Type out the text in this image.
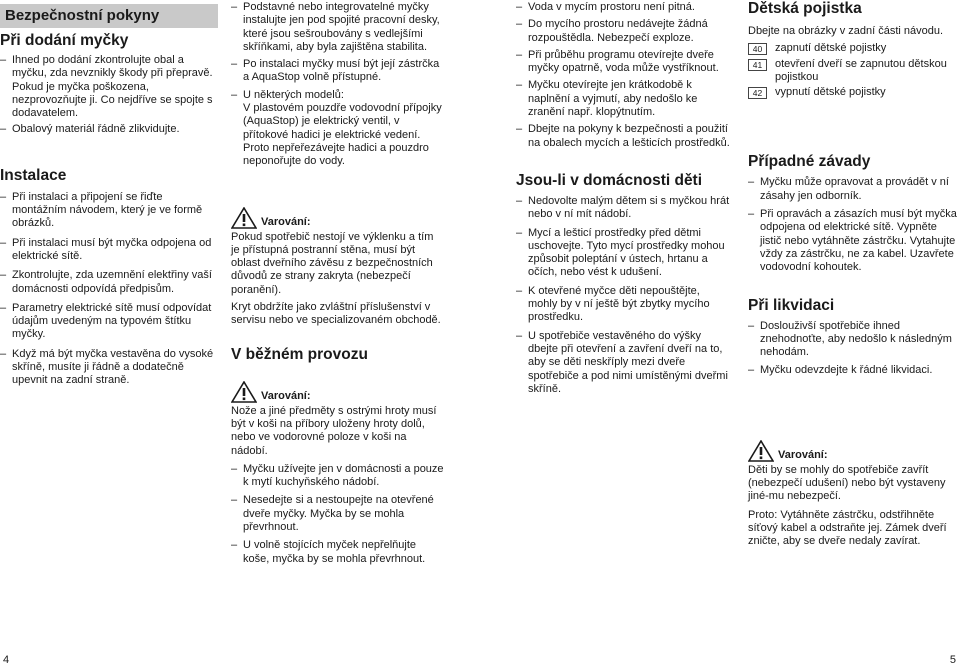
Bezpečnostní pokyny
Při dodání myčky
– Ihned po dodání zkontrolujte obal a myčku, zda nevznikly škody při přepravě. Pokud je myčka poškozena, nezprovozňujte ji. Co nejdříve se spojte s dodavatelem.
– Obalový materiál řádně zlikvidujte.
Instalace
– Při instalaci a připojení se řiďte montážním návodem, který je ve formě obrázků.
– Při instalaci musí být myčka odpojena od elektrické sítě.
– Zkontrolujte, zda uzemnění elektřiny vaší domácnosti odpovídá předpisům.
– Parametry elektrické sítě musí odpovídat údajům uvedeným na typovém štítku myčky.
– Když má být myčka vestavěna do vysoké skříně, musíte ji řádně a dodatečně upevnit na zadní straně.
4
– Podstavné nebo integrovatelné myčky instalujte jen pod spojité pracovní desky, které jsou sešroubovány s vedlejšími skříňkami, aby byla zajištěna stabilita.
– Po instalaci myčky musí být její zástrčka a AquaStop volně přístupné.
– U některých modelů:
V plastovém pouzdře vodovodní přípojky (AquaStop) je elektrický ventil, v přítokové hadici je elektrické vedení. Proto nepřeřezávejte hadici a pouzdro neponořujte do vody.
Varování:

Pokud spotřebič nestojí ve výklenku a tím je přístupná postranní stěna, musí být oblast dveřního závěsu z bezpečnostních důvodů ze strany zakryta (nebezpečí poranění).

Kryt obdržíte jako zvláštní příslušenství v servisu nebo ve specializovaném obchodě.

V běžném provozu
Varování:

Nože a jiné předměty s ostrými hroty musí být v koši na příbory uloženy hroty dolů, nebo ve vodorovné poloze v koši na nádobí.

– Myčku užívejte jen v domácnosti a pouze k mytí kuchyňského nádobí.
– Nesedejte si a nestoupejte na otevřené dveře myčky. Myčka by se mohla převrhnout.
– U volně stojících myček nepřelňujte koše, myčka by se mohla převrhnout.
– Voda v mycím prostoru není pitná.
– Do mycího prostoru nedávejte žádná rozpouštědla. Nebezpečí exploze.
– Při průběhu programu otevírejte dveře myčky opatrně, voda může vystříknout.
– Myčku otevírejte jen krátkodobě k naplnění a vyjmutí, aby nedošlo ke zranění např. klopýtnutím.
– Dbejte na pokyny k bezpečnosti a použití na obalech mycích a lešticích prostředků.
Jsou-li v domácnosti děti
– Nedovolte malým dětem si s myčkou hrát nebo v ní mít nádobí.
– Mycí a lešticí prostředky před dětmi uschovejte. Tyto mycí prostředky mohou způsobit poleptání v ústech, hrtanu a očích, nebo vést k udušení.
– K otevřené myčce děti nepouštějte, mohly by v ní ještě být zbytky mycího prostředku.
– U spotřebiče vestavěného do výšky dbejte při otevření a zavření dveří na to, aby se děti neskříply mezi dveře spotřebiče a pod nimi umístěnými dveřmi skříně.
Dětská pojistka

Dbejte na obrázky v zadní části návodu.

40	zapnutí dětské pojistky
41	otevření dveří se zapnutou dětskou pojistkou
42	vypnutí dětské pojistky
Případné závady
– Myčku může opravovat a provádět v ní zásahy jen odborník.
– Při opravách a zásazích musí být myčka odpojena od elektrické sítě. Vypněte jistič nebo vytáhněte zástrčku. Vytahujte vždy za zástrčku, ne za kabel. Uzavřete vodovodní kohoutek.
Při likvidaci
– Doslouživší spotřebiče ihned znehodnoťte, aby nedošlo k následným nehodám.
– Myčku odevzdejte k řádné likvidaci.
Varování:

Děti by se mohly do spotřebiče zavřít (nebezpečí udušení) nebo být vystaveny jiné-mu nebezpečí.

Proto: Vytáhněte zástrčku, odstřihněte síťový kabel a odstraňte jej. Zámek dveří zničte, aby se dveře nedaly zavírat.

5
